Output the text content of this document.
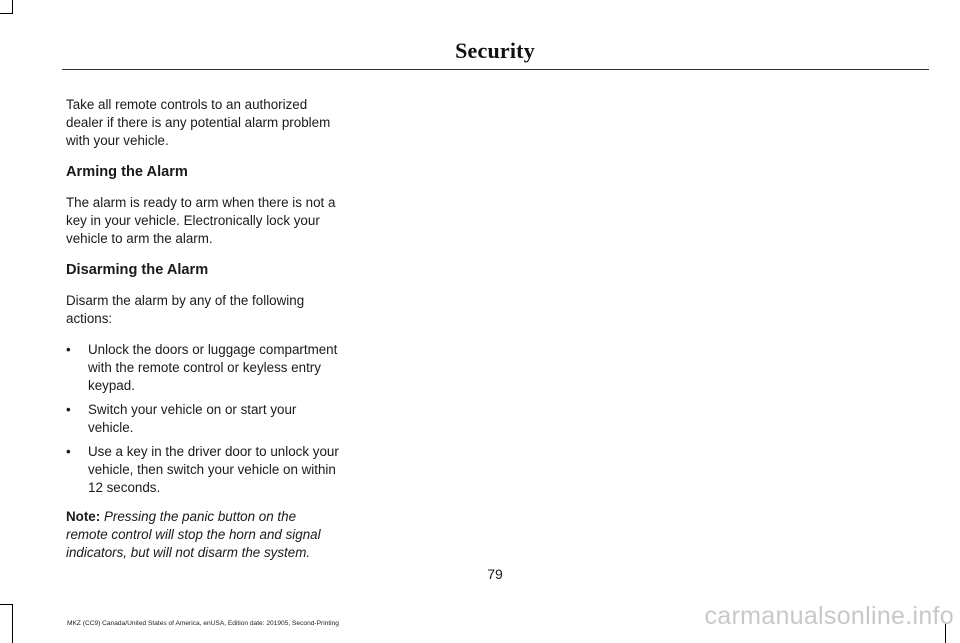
Security

Take all remote controls to an authorized dealer if there is any potential alarm problem with your vehicle.

Arming the Alarm

The alarm is ready to arm when there is not a key in your vehicle. Electronically lock your vehicle to arm the alarm.

Disarming the Alarm

Disarm the alarm by any of the following actions:

• Unlock the doors or luggage compartment with the remote control or keyless entry keypad.
• Switch your vehicle on or start your vehicle.
• Use a key in the driver door to unlock your vehicle, then switch your vehicle on within 12 seconds.

Note: Pressing the panic button on the remote control will stop the horn and signal indicators, but will not disarm the system.

79
MKZ (CC9) Canada/United States of America, enUSA, Edition date: 201905, Second-Printing	carmanualsonline.info
